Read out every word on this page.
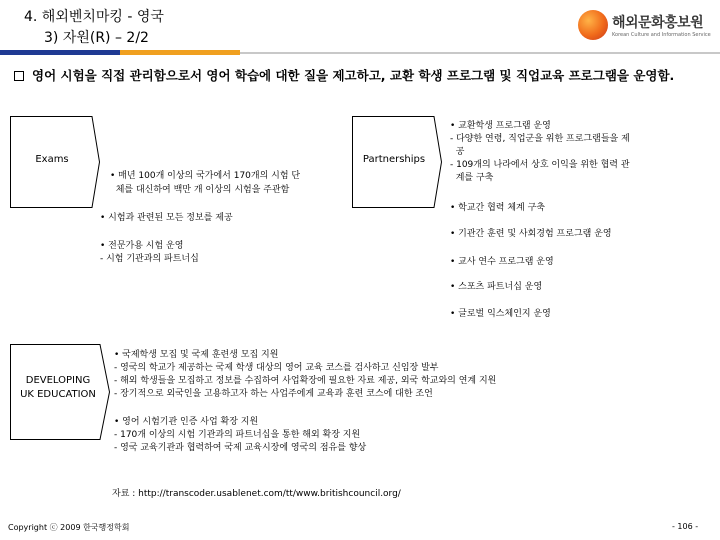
4. 해외벤치마킹 - 영국
3) 자원(R) – 2/2
해외문화홍보원
Korean Culture and Information Service
영어 시험을 직접 관리함으로서 영어 학습에 대한 질을 제고하고, 교환 학생 프로그램 및 직업교육 프로그램을 운영함.
Exams	Partnerships
DEVELOPING
UK EDUCATION
• 매년 100개 이상의 국가에서 170개의 시험 단
체를 대신하여 백만 개 이상의 시험을 주관함
• 시험과 관련된 모든 정보를 제공
• 전문가용 시험 운영
- 시험 기관과의 파트너십
• 교환학생 프로그램 운영
- 다양한 연령, 직업군을 위한 프로그램들을 제
공
- 109개의 나라에서 상호 이익을 위한 협력 관
계를 구축
• 학교간 협력 체계 구축
• 기관간 훈련 및 사회경험 프로그램 운영
• 교사 연수 프로그램 운영
• 스포츠 파트너십 운영
• 글로벌 익스체인지 운영
• 국제학생 모집 및 국제 훈련생 모집 지원
- 영국의 학교가 제공하는 국제 학생 대상의 영어 교육 코스를 검사하고 신임장 발부
- 해외 학생들을 모집하고 정보를 수집하여 사업확장에 필요한 자료 제공, 외국 학교와의 연계 지원
- 장기적으로 외국인을 고용하고자 하는 사업주에게 교육과 훈련 코스에 대한 조언
• 영어 시험기관 인증 사업 확장 지원
- 170개 이상의 시험 기관과의 파트너십을 통한 해외 확장 지원
- 영국 교육기관과 협력하여 국제 교육시장에 영국의 점유를 향상
자료 : http://transcoder.usablenet.com/tt/www.britishcouncil.org/
Copyright ⓒ 2009 한국행정학회	- 106 -
